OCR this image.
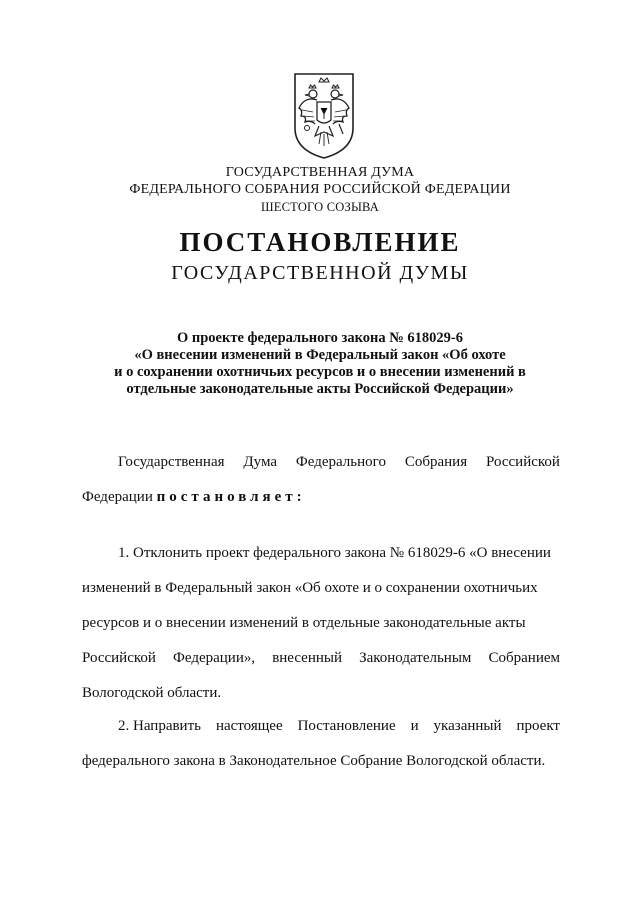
ГОСУДАРСТВЕННАЯ ДУМА
ФЕДЕРАЛЬНОГО СОБРАНИЯ РОССИЙСКОЙ ФЕДЕРАЦИИ
ШЕСТОГО СОЗЫВА
ПОСТАНОВЛЕНИЕ
ГОСУДАРСТВЕННОЙ ДУМЫ
О проекте федерального закона № 618029-6
«О внесении изменений в Федеральный закон «Об охоте
и о сохранении охотничьих ресурсов и о внесении изменений в
отдельные законодательные акты Российской Федерации»
Государственная Дума Федерального Собрания Российской
Федерации постановляет:
1. Отклонить проект федерального закона № 618029-6 «О внесении
изменений в Федеральный закон «Об охоте и о сохранении охотничьих
ресурсов и о внесении изменений в отдельные законодательные акты
Российской Федерации», внесенный Законодательным Собранием
Вологодской области.
2. Направить настоящее Постановление и указанный проект
федерального закона в Законодательное Собрание Вологодской области.
